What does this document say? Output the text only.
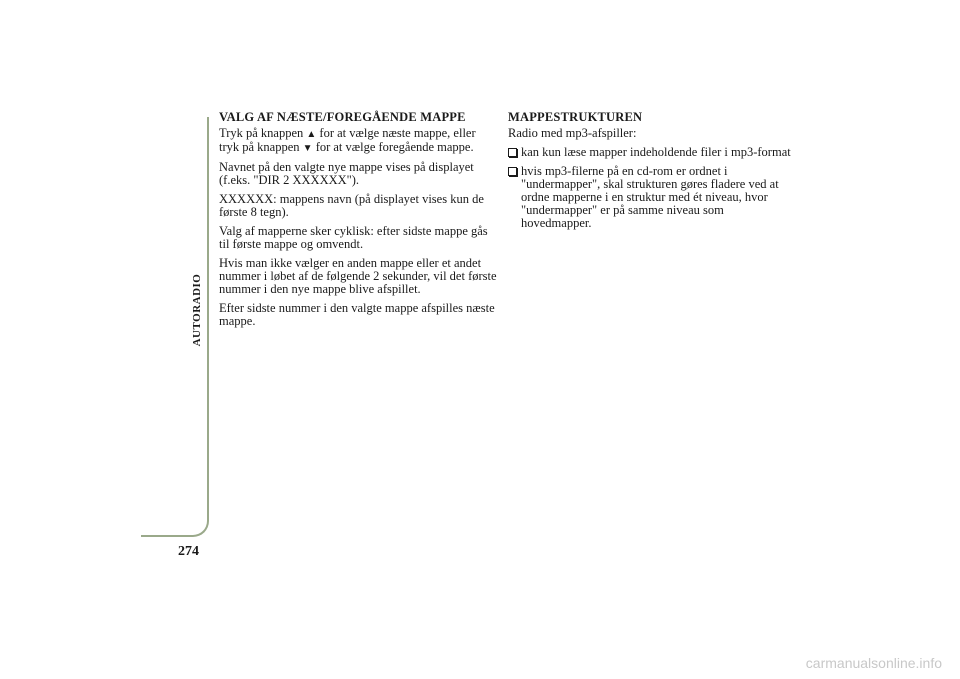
AUTORADIO
274
VALG AF NÆSTE/FOREGÅENDE MAPPE

Tryk på knappen ▲ for at vælge næste mappe, eller tryk på knappen ▼ for at vælge foregående mappe.

Navnet på den valgte nye mappe vises på displayet (f.eks. "DIR 2 XXXXXX").

XXXXXX: mappens navn (på displayet vises kun de første 8 tegn).

Valg af mapperne sker cyklisk: efter sidste mappe gås til første mappe og omvendt.

Hvis man ikke vælger en anden mappe eller et andet nummer i løbet af de følgende 2 sekunder, vil det første nummer i den nye mappe blive afspillet.

Efter sidste nummer i den valgte mappe afspilles næste mappe.

MAPPESTRUKTUREN

Radio med mp3-afspiller:

kan kun læse mapper indeholdende filer i mp3-format
hvis mp3-filerne på en cd-rom er ordnet i "undermapper", skal strukturen gøres fladere ved at ordne mapperne i en struktur med ét niveau, hvor "undermapper" er på samme niveau som hovedmapper.
carmanualsonline.info
